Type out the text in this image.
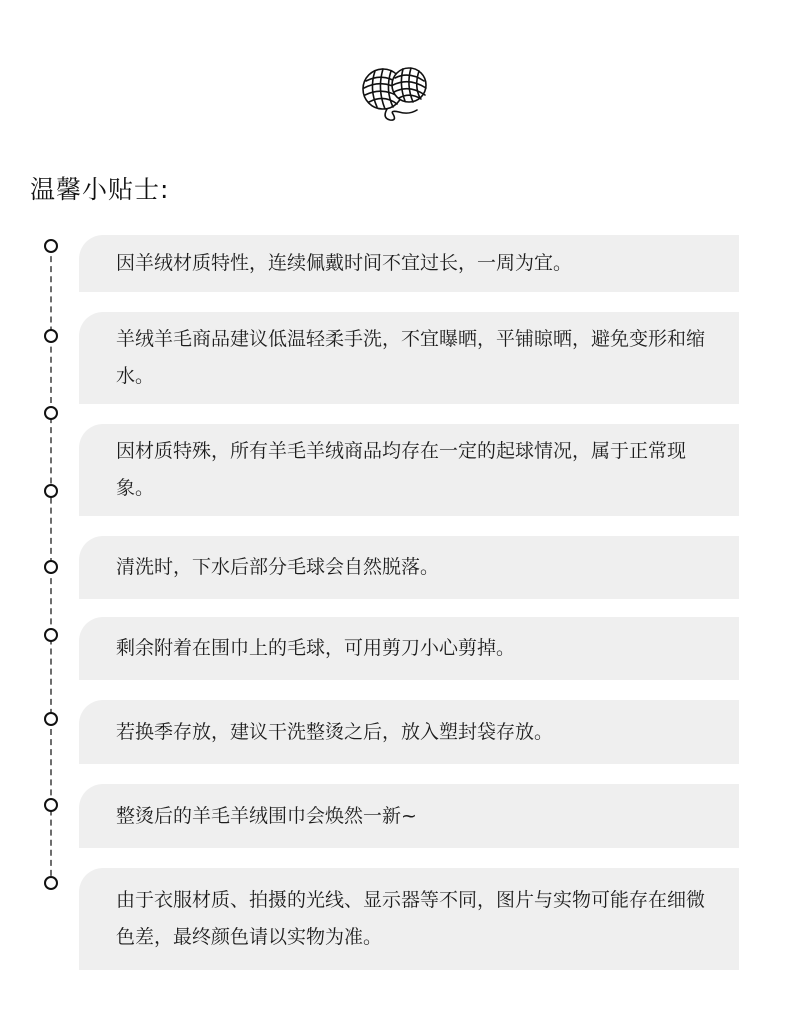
温馨小贴士:
因羊绒材质特性，连续佩戴时间不宜过长，一周为宜。
羊绒羊毛商品建议低温轻柔手洗，不宜曝晒，平铺晾晒，避免变形和缩水。
因材质特殊，所有羊毛羊绒商品均存在一定的起球情况，属于正常现象。
清洗时，下水后部分毛球会自然脱落。
剩余附着在围巾上的毛球，可用剪刀小心剪掉。
若换季存放，建议干洗整烫之后，放入塑封袋存放。
整烫后的羊毛羊绒围巾会焕然一新~
由于衣服材质、拍摄的光线、显示器等不同，图片与实物可能存在细微色差，最终颜色请以实物为准。
